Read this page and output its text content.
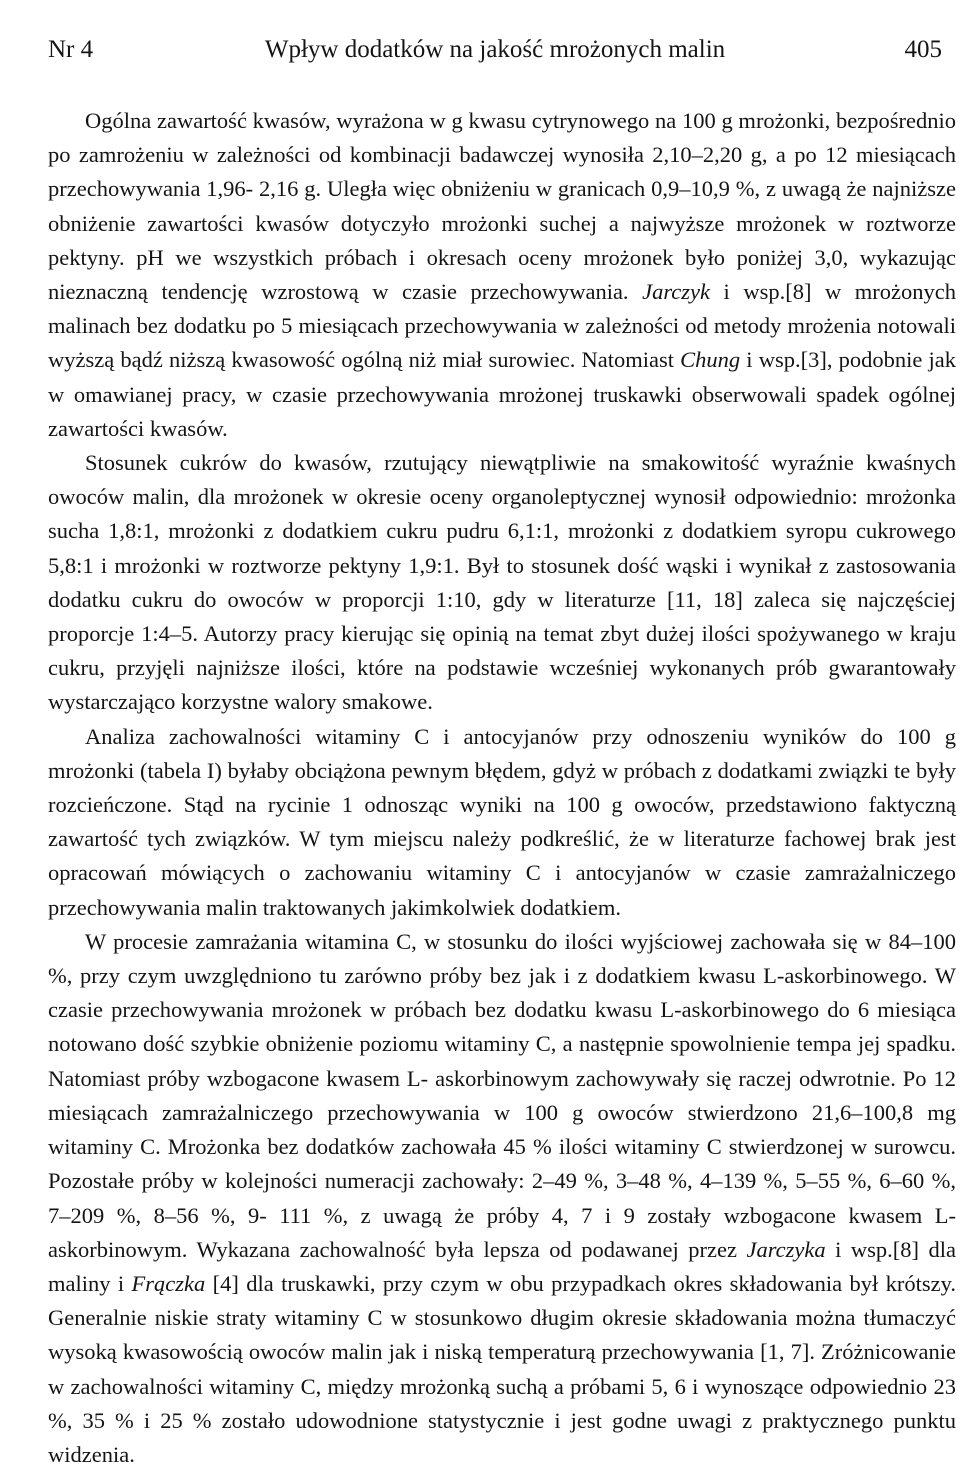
Nr 4	Wpływ dodatków na jakość mrożonych malin	405

Ogólna zawartość kwasów, wyrażona w g kwasu cytrynowego na 100 g mrożonki, bezpośrednio po zamrożeniu w zależności od kombinacji badawczej wynosiła 2,10–2,20 g, a po 12 miesiącach przechowywania 1,96- 2,16 g. Uległa więc obniżeniu w granicach 0,9–10,9 %, z uwagą że najniższe obniżenie zawartości kwasów dotyczyło mrożonki suchej a najwyższe mrożonek w roztworze pektyny. pH we wszystkich próbach i okresach oceny mrożonek było poniżej 3,0, wykazując nieznaczną tendencję wzrostową w czasie przechowywania. Jarczyk i wsp.[8] w mrożonych malinach bez dodatku po 5 miesiącach przechowywania w zależności od metody mrożenia notowali wyższą bądź niższą kwasowość ogólną niż miał surowiec. Natomiast Chung i wsp.[3], podobnie jak w omawianej pracy, w czasie przechowywania mrożonej truskawki obserwowali spadek ogólnej zawartości kwasów.

Stosunek cukrów do kwasów, rzutujący niewątpliwie na smakowitość wyraźnie kwaśnych owoców malin, dla mrożonek w okresie oceny organoleptycznej wynosił odpowiednio: mrożonka sucha 1,8:1, mrożonki z dodatkiem cukru pudru 6,1:1, mrożonki z dodatkiem syropu cukrowego 5,8:1 i mrożonki w roztworze pektyny 1,9:1. Był to stosunek dość wąski i wynikał z zastosowania dodatku cukru do owoców w proporcji 1:10, gdy w literaturze [11, 18] zaleca się najczęściej proporcje 1:4–5. Autorzy pracy kierując się opinią na temat zbyt dużej ilości spożywanego w kraju cukru, przyjęli najniższe ilości, które na podstawie wcześniej wykonanych prób gwarantowały wystarczająco korzystne walory smakowe.

Analiza zachowalności witaminy C i antocyjanów przy odnoszeniu wyników do 100 g mrożonki (tabela I) byłaby obciążona pewnym błędem, gdyż w próbach z dodatkami związki te były rozcieńczone. Stąd na rycinie 1 odnosząc wyniki na 100 g owoców, przedstawiono faktyczną zawartość tych związków. W tym miejscu należy podkreślić, że w literaturze fachowej brak jest opracowań mówiących o zachowaniu witaminy C i antocyjanów w czasie zamrażalniczego przechowywania malin traktowanych jakimkolwiek dodatkiem.

W procesie zamrażania witamina C, w stosunku do ilości wyjściowej zachowała się w 84–100 %, przy czym uwzględniono tu zarówno próby bez jak i z dodatkiem kwasu L-askorbinowego. W czasie przechowywania mrożonek w próbach bez dodatku kwasu L-askorbinowego do 6 miesiąca notowano dość szybkie obniżenie poziomu witaminy C, a następnie spowolnienie tempa jej spadku. Natomiast próby wzbogacone kwasem L- askorbinowym zachowywały się raczej odwrotnie. Po 12 miesiącach zamrażalniczego przechowywania w 100 g owoców stwierdzono 21,6–100,8 mg witaminy C. Mrożonka bez dodatków zachowała 45 % ilości witaminy C stwierdzonej w surowcu. Pozostałe próby w kolejności numeracji zachowały: 2–49 %, 3–48 %, 4–139 %, 5–55 %, 6–60 %, 7–209 %, 8–56 %, 9- 111 %, z uwagą że próby 4, 7 i 9 zostały wzbogacone kwasem L- askorbinowym. Wykazana zachowalność była lepsza od podawanej przez Jarczyka i wsp.[8] dla maliny i Frączka [4] dla truskawki, przy czym w obu przypadkach okres składowania był krótszy. Generalnie niskie straty witaminy C w stosunkowo długim okresie składowania można tłumaczyć wysoką kwasowością owoców malin jak i niską temperaturą przechowywania [1, 7]. Zróżnicowanie w zachowalności witaminy C, między mrożonką suchą a próbami 5, 6 i wynoszące odpowiednio 23 %, 35 % i 25 % zostało udowodnione statystycznie i jest godne uwagi z praktycznego punktu widzenia.
